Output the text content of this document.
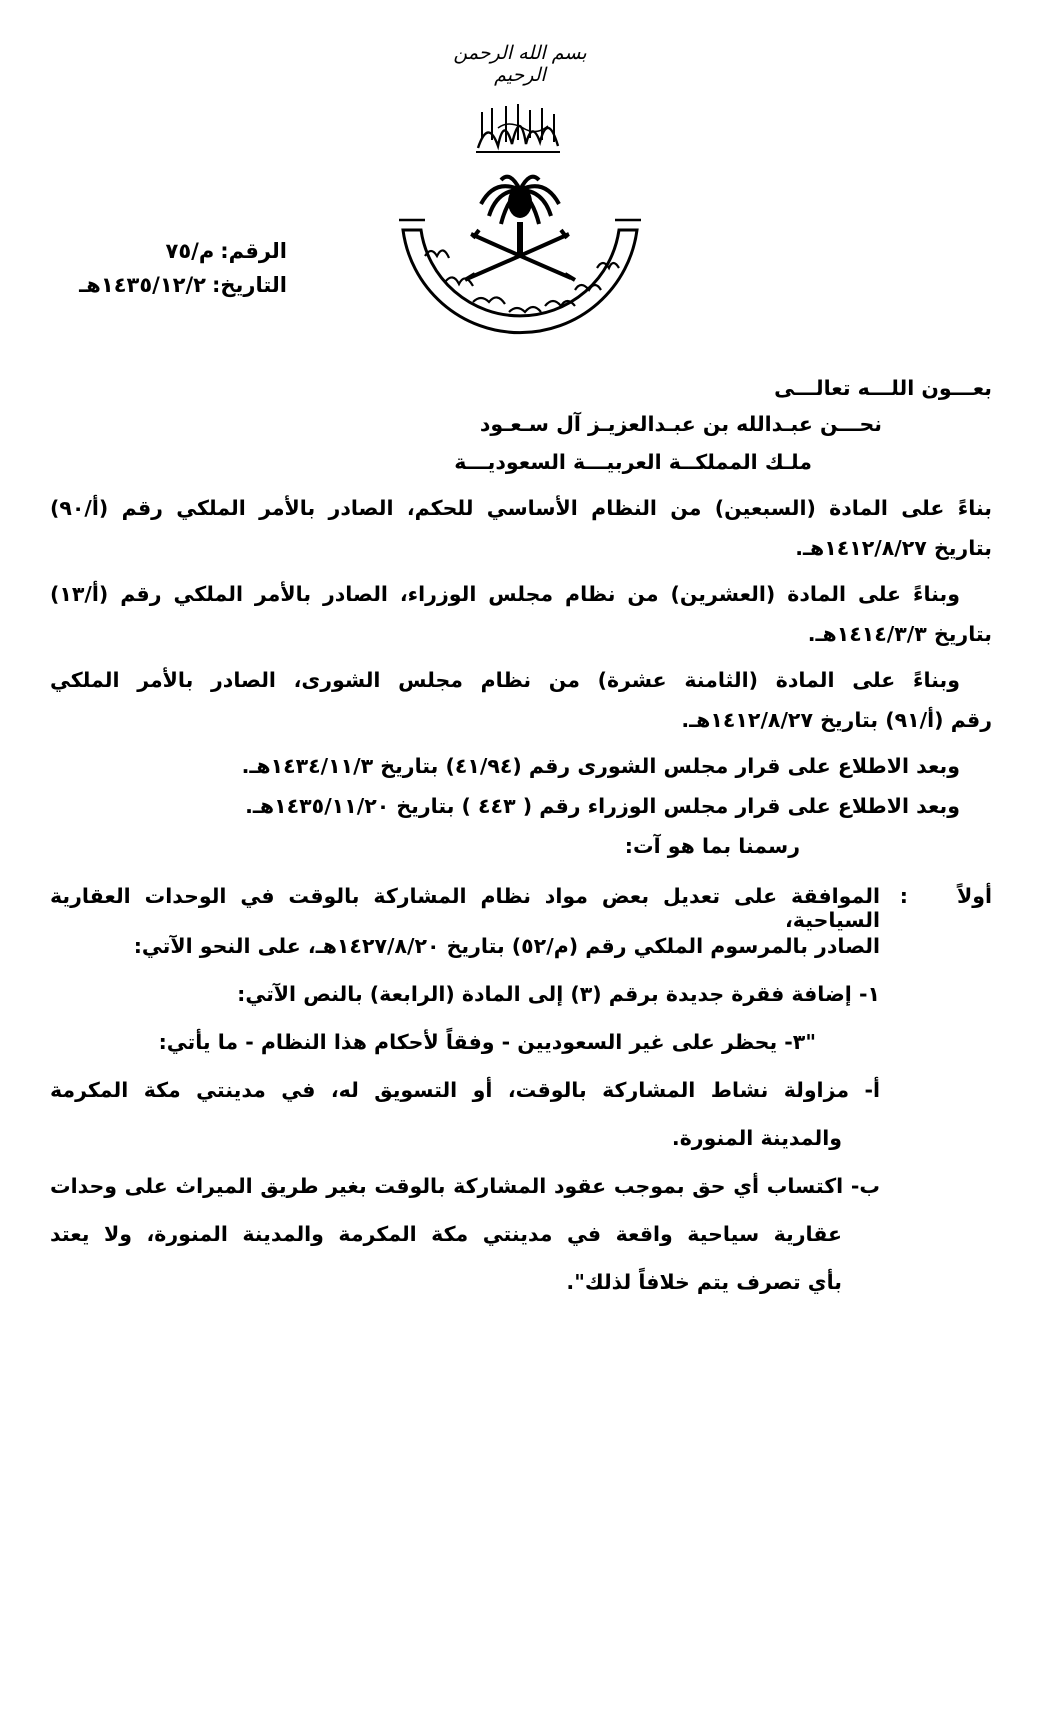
بسم الله الرحمن الرحيم
الرقم:م/٧٥
التاريخ:١٤٣٥/١٢/٢هـ
بعـــون اللـــه تعالـــى
نحـــن عبـدالله بن عبـدالعزيـز آل سـعـود
ملـك المملكــة العربيـــة السعوديـــة
بناءً على المادة (السبعين) من النظام الأساسي للحكم، الصادر بالأمر الملكي رقم (أ/٩٠)
بتاريخ ١٤١٢/٨/٢٧هـ.
وبناءً على المادة (العشرين) من نظام مجلس الوزراء، الصادر بالأمر الملكي رقم (أ/١٣)
بتاريخ ١٤١٤/٣/٣هـ.
وبناءً على المادة (الثامنة عشرة) من نظام مجلس الشورى، الصادر بالأمر الملكي
رقم (أ/٩١) بتاريخ ١٤١٢/٨/٢٧هـ.
وبعد الاطلاع على قرار مجلس الشورى رقم (٤١/٩٤) بتاريخ ١٤٣٤/١١/٣هـ.
وبعد الاطلاع على قرار مجلس الوزراء رقم ( ٤٤٣ ) بتاريخ ١٤٣٥/١١/٢٠هـ.
رسمنا بما هو آت:
أولاً
:
الموافقة على تعديل بعض مواد نظام المشاركة بالوقت في الوحدات العقارية السياحية،
الصادر بالمرسوم الملكي رقم (م/٥٢) بتاريخ ١٤٢٧/٨/٢٠هـ، على النحو الآتي:
١- إضافة فقرة جديدة برقم (٣) إلى المادة (الرابعة) بالنص الآتي:
"٣- يحظر على غير السعوديين - وفقاً لأحكام هذا النظام - ما يأتي:
أ- مزاولة نشاط المشاركة بالوقت، أو التسويق له، في مدينتي مكة المكرمة
والمدينة المنورة.
ب- اكتساب أي حق بموجب عقود المشاركة بالوقت بغير طريق الميراث على وحدات
عقارية سياحية واقعة في مدينتي مكة المكرمة والمدينة المنورة، ولا يعتد
بأي تصرف يتم خلافاً لذلك".
